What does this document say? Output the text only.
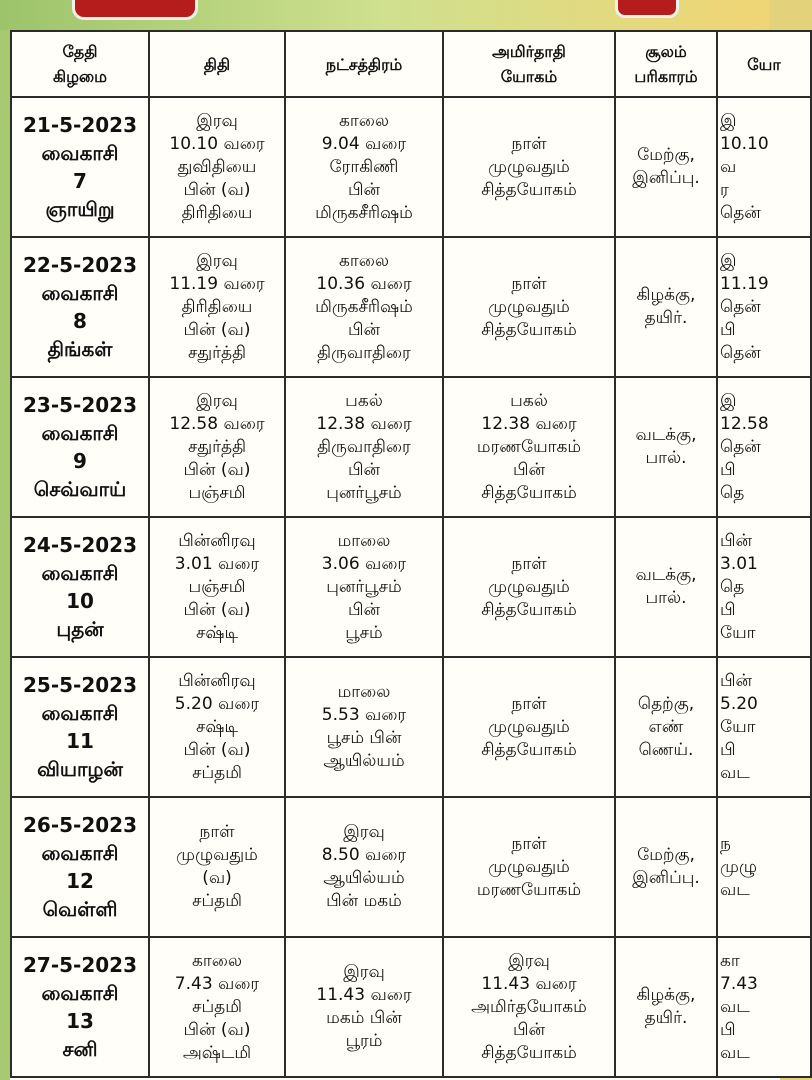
தேதி
கிழமை	திதி	நட்சத்திரம்	அமிர்தாதி
யோகம்	சூலம்
பரிகாரம்	யோ

21-5-2023
வைகாசி
7
ஞாயிறு	இரவு
10.10 வரை
துவிதியை
பின் (வ)
திரிதியை	காலை
9.04 வரை
ரோகிணி
பின்
மிருகசீரிஷம்	நாள்
முழுவதும்
சித்தயோகம்	மேற்கு,
இனிப்பு.	இ
10.10
வ
ர
தென்

22-5-2023
வைகாசி
8
திங்கள்	இரவு
11.19 வரை
திரிதியை
பின் (வ)
சதுர்த்தி	காலை
10.36 வரை
மிருகசீரிஷம்
பின்
திருவாதிரை	நாள்
முழுவதும்
சித்தயோகம்	கிழக்கு,
தயிர்.	இ
11.19
தென்
பி
தென்

23-5-2023
வைகாசி
9
செவ்வாய்	இரவு
12.58 வரை
சதுர்த்தி
பின் (வ)
பஞ்சமி	பகல்
12.38 வரை
திருவாதிரை
பின்
புனர்பூசம்	பகல்
12.38 வரை
மரணயோகம்
பின்
சித்தயோகம்	வடக்கு,
பால்.	இ
12.58
தென்
பி
தெ

24-5-2023
வைகாசி
10
புதன்	பின்னிரவு
3.01 வரை
பஞ்சமி
பின் (வ)
சஷ்டி	மாலை
3.06 வரை
புனர்பூசம்
பின்
பூசம்	நாள்
முழுவதும்
சித்தயோகம்	வடக்கு,
பால்.	பின்
3.01
தெ
பி
யோ

25-5-2023
வைகாசி
11
வியாழன்	பின்னிரவு
5.20 வரை
சஷ்டி
பின் (வ)
சப்தமி	மாலை
5.53 வரை
பூசம் பின்
ஆயில்யம்	நாள்
முழுவதும்
சித்தயோகம்	தெற்கு,
எண்
ணெய்.	பின்
5.20
யோ
பி
வட

26-5-2023
வைகாசி
12
வெள்ளி	நாள்
முழுவதும்
(வ)
சப்தமி	இரவு
8.50 வரை
ஆயில்யம்
பின் மகம்	நாள்
முழுவதும்
மரணயோகம்	மேற்கு,
இனிப்பு.	ந
முழு
வட

27-5-2023
வைகாசி
13
சனி	காலை
7.43 வரை
சப்தமி
பின் (வ)
அஷ்டமி	இரவு
11.43 வரை
மகம் பின்
பூரம்	இரவு
11.43 வரை
அமிர்தயோகம்
பின்
சித்தயோகம்	கிழக்கு,
தயிர்.	கா
7.43
வட
பி
வட
